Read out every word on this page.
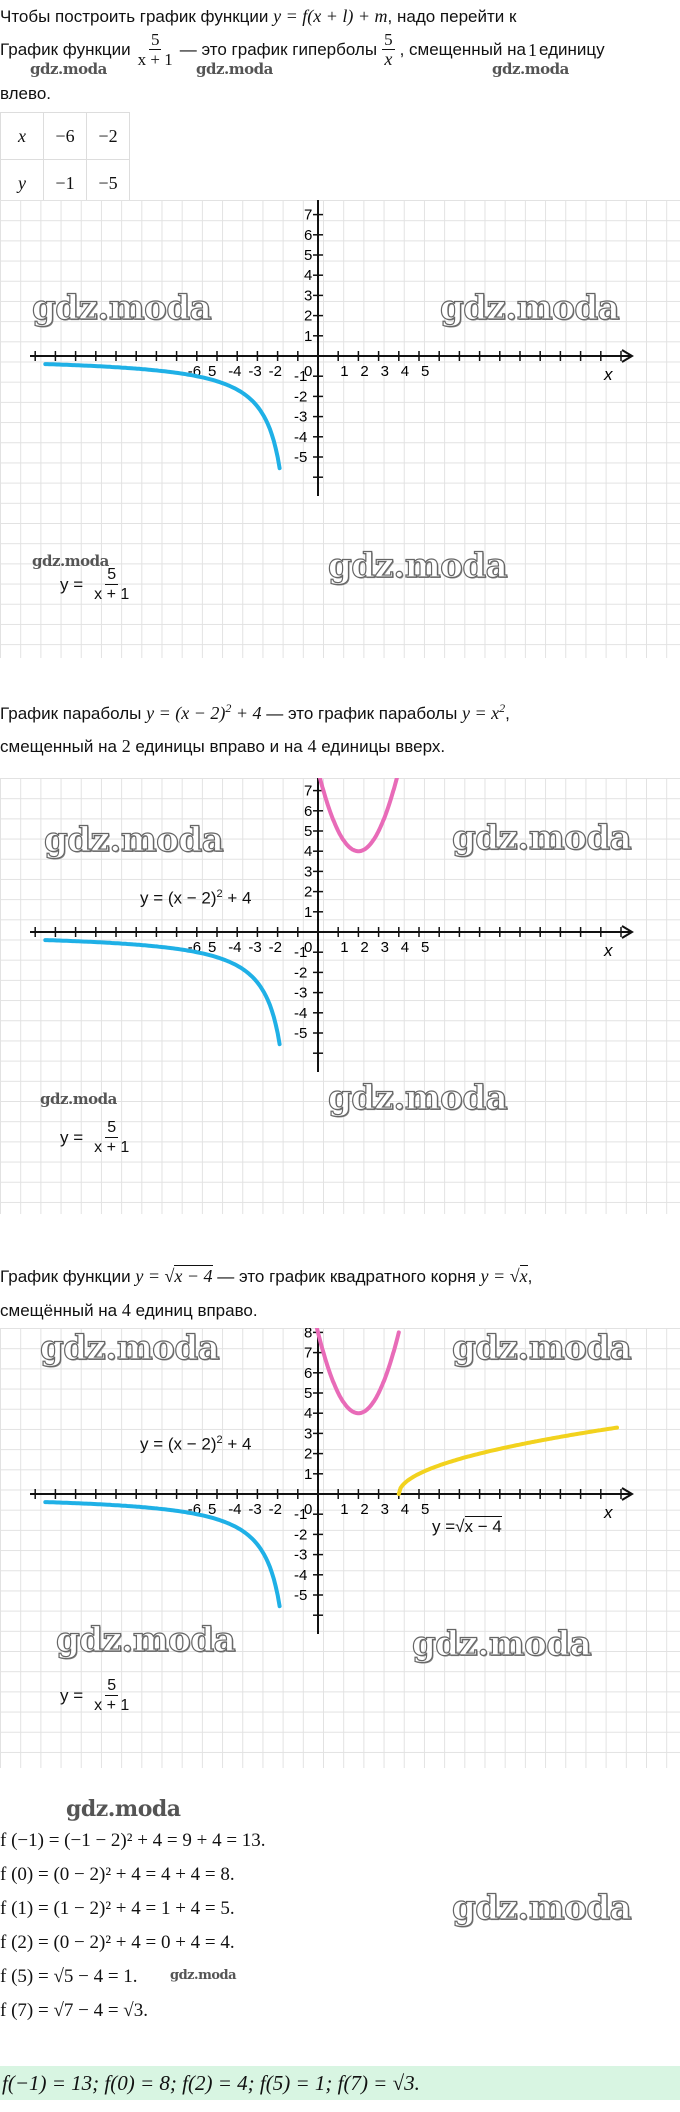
Чтобы построить график функции y = f(x + l) + m, надо перейти к
График функции $\frac{5}{x + 1}$ — это график гиперболы $\frac{5}{x}$ , смещенный на 1 единицу
влево.
gdz.moda	gdz.moda	gdz.moda
x	−6	−2
y	−1	−5
-6 5 -4 -3 -2 0 1 2 3 4 5
7
6
5
4
3
2
1
-1
-2
-3
-4
-5
x
gdz.moda	gdz.moda
gdz.moda
gdz.moda
$y = \frac{5}{x + 1}$
График параболы $y = (x - 2)^2 + 4$ — это график параболы $y = x^2$,
смещенный на 2 единицы вправо и на 4 единицы вверх.
-6 5 -4 -3 -2 0 1 2 3 4 5
7
6
5
4
3
2
1
-1
-2
-3
-4
-5
x
gdz.moda	gdz.moda
gdz.moda
gdz.moda
$y = (x - 2)^2 + 4$
$y = \frac{5}{x + 1}$
График функции y = √x − 4 — это график квадратного корня y = √x,
смещённый на 4 единиц вправо.
-6 5 -4 -3 -2 0 1 2 3 4 5
8
7
6
5
4
3
2
1
-1
-2
-3
-4
-5
x
gdz.moda	gdz.moda
gdz.moda	gdz.moda
$y = (x - 2)^2 + 4$
y = √ x − 4
$y = \frac{5}{x + 1}$
gdz.moda
f (−1) = (−1 − 2)² + 4 = 9 + 4 = 13.
f (0) = (0 − 2)² + 4 = 4 + 4 = 8.
f (1) = (1 − 2)² + 4 = 1 + 4 = 5.
f (2) = (0 − 2)² + 4 = 0 + 4 = 4.
f (5) = √5 − 4 = 1.
f (7) = √7 − 4 = √3.
gdz.moda
gdz.moda
f(−1) = 13; f(0) = 8; f(2) = 4; f(5) = 1; f(7) = √3.
